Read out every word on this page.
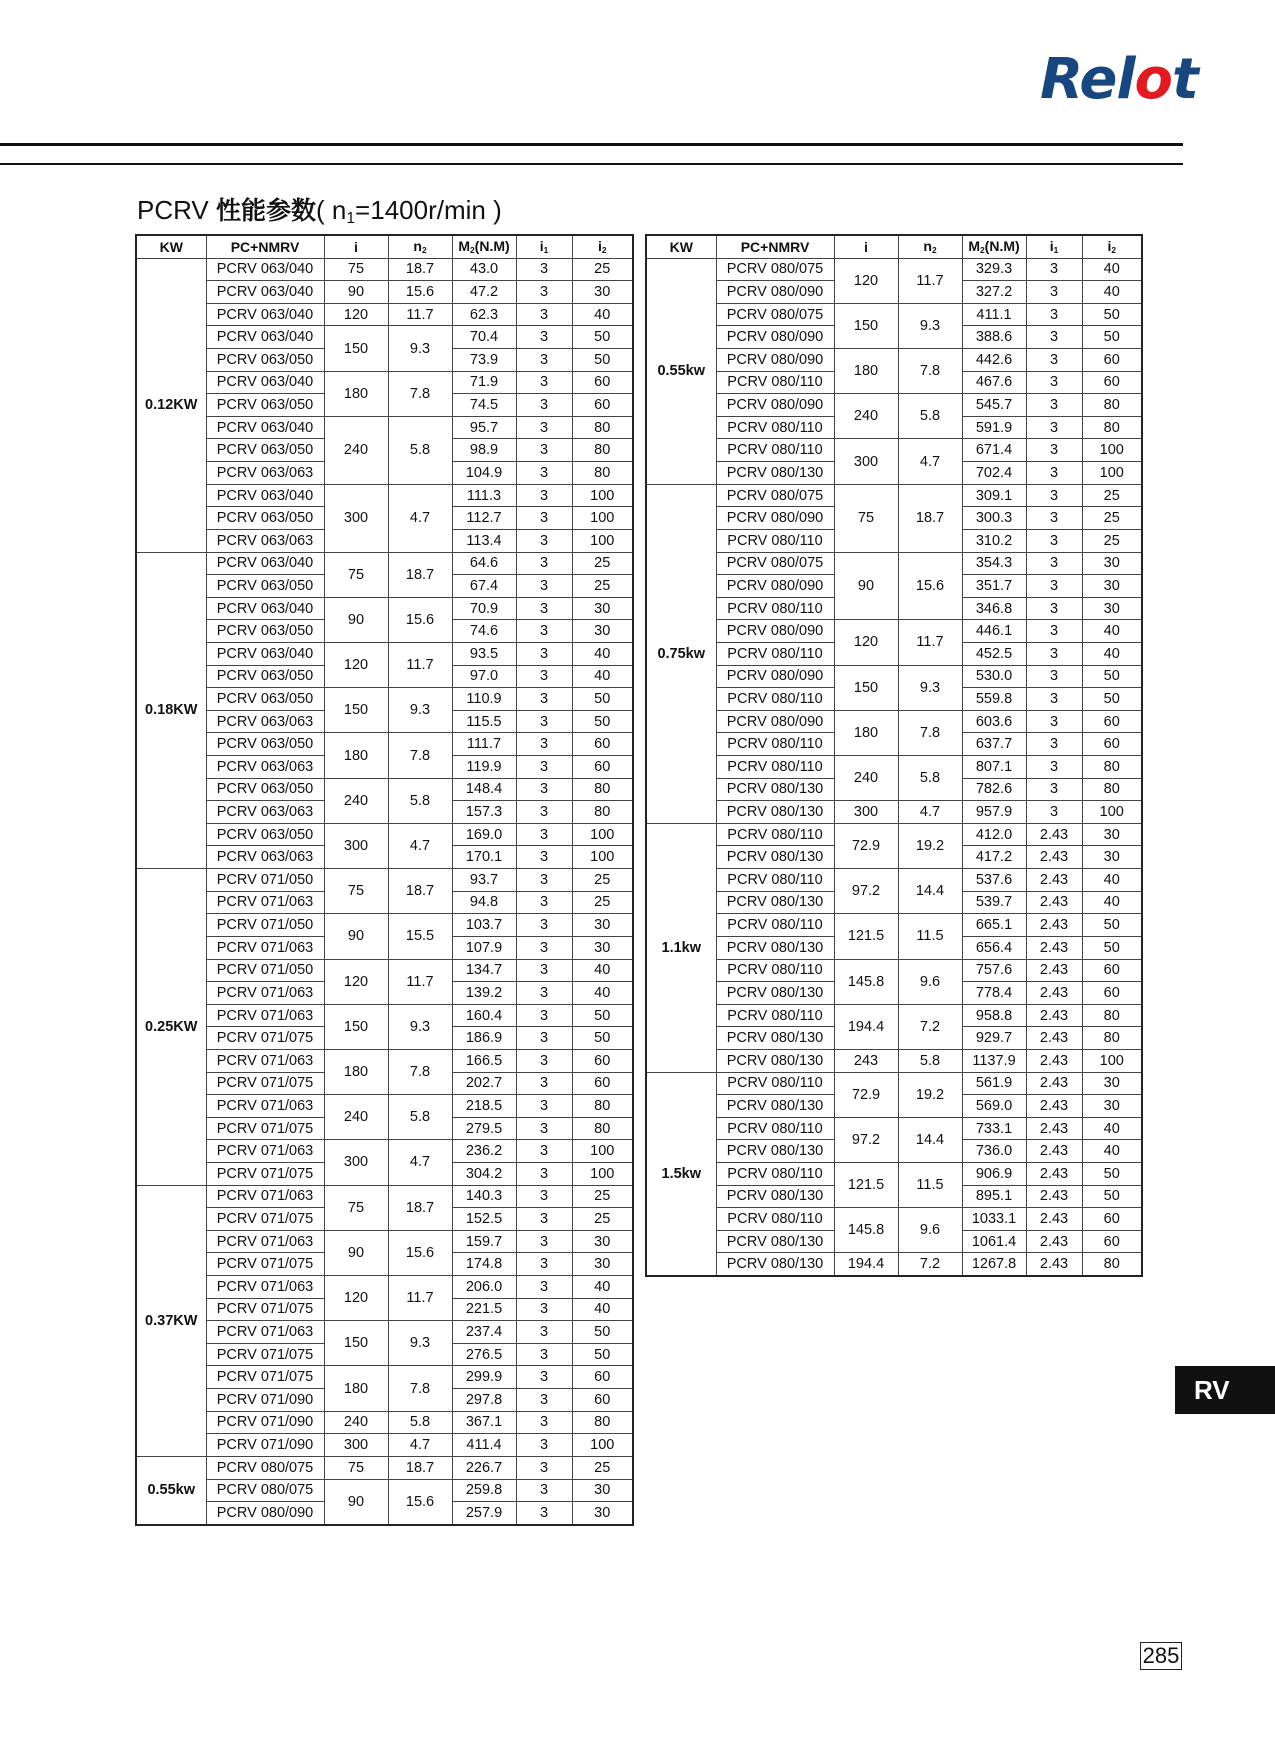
Relot
PCRV 性能参数( $n_1=1400r/\min$ )
KW	PC+NMRV	i	$n_2$	$M_2(N.M)$	$i_1$	$i_2$
0.12KW	PCRV 063/040	75	18.7	43.0	3	25
	PCRV 063/040	90	15.6	47.2	3	30
	PCRV 063/040	120	11.7	62.3	3	40
	PCRV 063/040	150	9.3	70.4	3	50
	PCRV 063/050			73.9	3	50
	PCRV 063/040	180	7.8	71.9	3	60
	PCRV 063/050			74.5	3	60
	PCRV 063/040	240	5.8	95.7	3	80
	PCRV 063/050			98.9	3	80
	PCRV 063/063			104.9	3	80
	PCRV 063/040	300	4.7	111.3	3	100
	PCRV 063/050			112.7	3	100
	PCRV 063/063			113.4	3	100
0.18KW	PCRV 063/040	75	18.7	64.6	3	25
	PCRV 063/050			67.4	3	25
	PCRV 063/040	90	15.6	70.9	3	30
	PCRV 063/050			74.6	3	30
	PCRV 063/040	120	11.7	93.5	3	40
	PCRV 063/050			97.0	3	40
	PCRV 063/050	150	9.3	110.9	3	50
	PCRV 063/063			115.5	3	50
	PCRV 063/050	180	7.8	111.7	3	60
	PCRV 063/063			119.9	3	60
	PCRV 063/050	240	5.8	148.4	3	80
	PCRV 063/063			157.3	3	80
	PCRV 063/050	300	4.7	169.0	3	100
	PCRV 063/063			170.1	3	100
0.25KW	PCRV 071/050	75	18.7	93.7	3	25
	PCRV 071/063			94.8	3	25
	PCRV 071/050	90	15.5	103.7	3	30
	PCRV 071/063			107.9	3	30
	PCRV 071/050	120	11.7	134.7	3	40
	PCRV 071/063			139.2	3	40
	PCRV 071/063	150	9.3	160.4	3	50
	PCRV 071/075			186.9	3	50
	PCRV 071/063	180	7.8	166.5	3	60
	PCRV 071/075			202.7	3	60
	PCRV 071/063	240	5.8	218.5	3	80
	PCRV 071/075			279.5	3	80
	PCRV 071/063	300	4.7	236.2	3	100
	PCRV 071/075			304.2	3	100
0.37KW	PCRV 071/063	75	18.7	140.3	3	25
	PCRV 071/075			152.5	3	25
	PCRV 071/063	90	15.6	159.7	3	30
	PCRV 071/075			174.8	3	30
	PCRV 071/063	120	11.7	206.0	3	40
	PCRV 071/075			221.5	3	40
	PCRV 071/063	150	9.3	237.4	3	50
	PCRV 071/075			276.5	3	50
	PCRV 071/075	180	7.8	299.9	3	60
	PCRV 071/090			297.8	3	60
	PCRV 071/090	240	5.8	367.1	3	80
	PCRV 071/090	300	4.7	411.4	3	100
0.55kw	PCRV 080/075	75	18.7	226.7	3	25
	PCRV 080/075	90	15.6	259.8	3	30
	PCRV 080/090			257.9	3	30
KW	PC+NMRV	i	$n_2$	$M_2(N.M)$	$i_1$	$i_2$
0.55kw	PCRV 080/075	120	11.7	329.3	3	40
	PCRV 080/090			327.2	3	40
	PCRV 080/075	150	9.3	411.1	3	50
	PCRV 080/090			388.6	3	50
	PCRV 080/090	180	7.8	442.6	3	60
	PCRV 080/110			467.6	3	60
	PCRV 080/090	240	5.8	545.7	3	80
	PCRV 080/110			591.9	3	80
	PCRV 080/110	300	4.7	671.4	3	100
	PCRV 080/130			702.4	3	100
0.75kw	PCRV 080/075	75	18.7	309.1	3	25
	PCRV 080/090			300.3	3	25
	PCRV 080/110			310.2	3	25
	PCRV 080/075	90	15.6	354.3	3	30
	PCRV 080/090			351.7	3	30
	PCRV 080/110			346.8	3	30
	PCRV 080/090	120	11.7	446.1	3	40
	PCRV 080/110			452.5	3	40
	PCRV 080/090	150	9.3	530.0	3	50
	PCRV 080/110			559.8	3	50
	PCRV 080/090	180	7.8	603.6	3	60
	PCRV 080/110			637.7	3	60
	PCRV 080/110	240	5.8	807.1	3	80
	PCRV 080/130			782.6	3	80
	PCRV 080/130	300	4.7	957.9	3	100
1.1kw	PCRV 080/110	72.9	19.2	412.0	2.43	30
	PCRV 080/130			417.2	2.43	30
	PCRV 080/110	97.2	14.4	537.6	2.43	40
	PCRV 080/130			539.7	2.43	40
	PCRV 080/110	121.5	11.5	665.1	2.43	50
	PCRV 080/130			656.4	2.43	50
	PCRV 080/110	145.8	9.6	757.6	2.43	60
	PCRV 080/130			778.4	2.43	60
	PCRV 080/110	194.4	7.2	958.8	2.43	80
	PCRV 080/130			929.7	2.43	80
	PCRV 080/130	243	5.8	1137.9	2.43	100
1.5kw	PCRV 080/110	72.9	19.2	561.9	2.43	30
	PCRV 080/130			569.0	2.43	30
	PCRV 080/110	97.2	14.4	733.1	2.43	40
	PCRV 080/130			736.0	2.43	40
	PCRV 080/110	121.5	11.5	906.9	2.43	50
	PCRV 080/130			895.1	2.43	50
	PCRV 080/110	145.8	9.6	1033.1	2.43	60
	PCRV 080/130			1061.4	2.43	60
	PCRV 080/130	194.4	7.2	1267.8	2.43	80
RV
285
